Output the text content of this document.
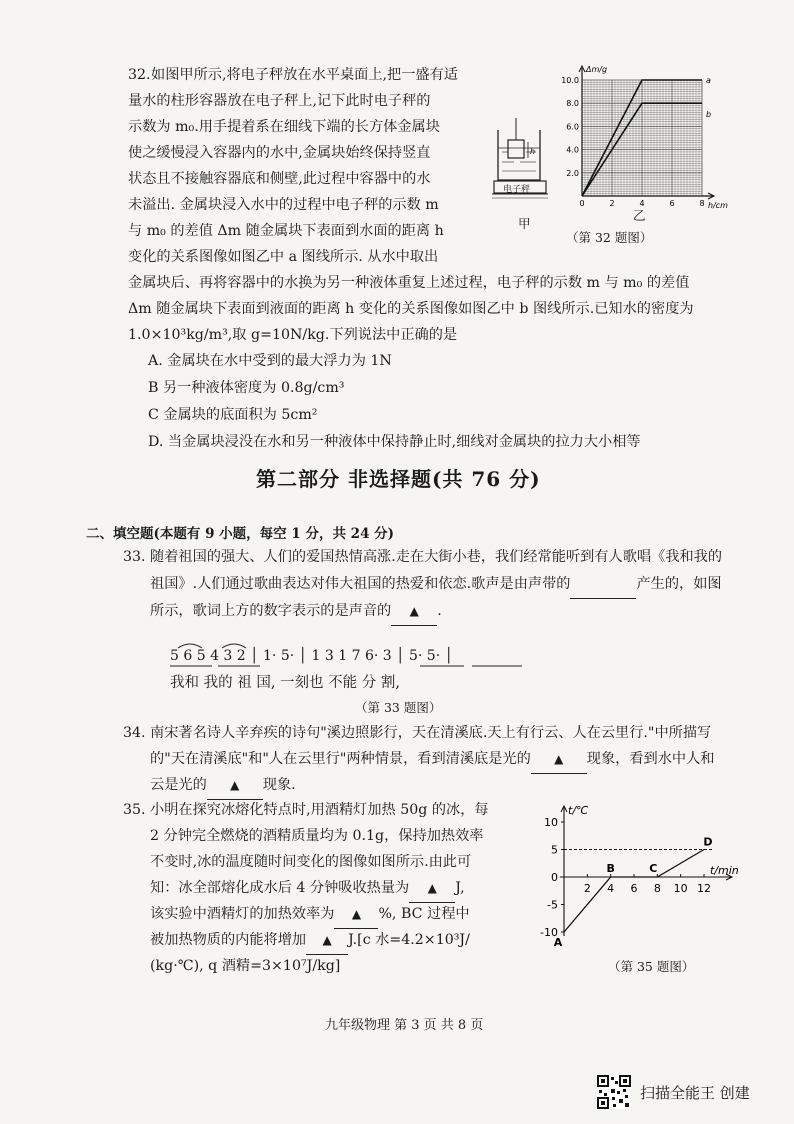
32. 如图甲所示,将电子秤放在水平桌面上,把一盛有适
量水的柱形容器放在电子秤上,记下此时电子秤的
示数为 m₀.用手提着系在细线下端的长方体金属块
使之缓慢浸入容器内的水中,金属块始终保持竖直
状态且不接触容器底和侧壁,此过程中容器中的水
未溢出. 金属块浸入水中的过程中电子秤的示数 m
与 m₀ 的差值 Δm 随金属块下表面到水面的距离 h
变化的关系图像如图乙中 a 图线所示. 从水中取出
金属块后、再将容器中的水换为另一种液体重复上述过程，电子秤的示数 m 与 m₀ 的差值
Δm 随金属块下表面到液面的距离 h 变化的关系图像如图乙中 b 图线所示.已知水的密度为
1.0×10³kg/m³,取 g=10N/kg.下列说法中正确的是
A. 金属块在水中受到的最大浮力为 1N
B 另一种液体密度为 0.8g/cm³
C 金属块的底面积为 5cm²
D. 当金属块浸没在水和另一种液体中保持静止时,细线对金属块的拉力大小相等
h
电子秤
甲
2.0
4.0
6.0
8.0
10.0
0	2	4	6	8
Δm/g
h/cm
a
b
乙
（第 32 题图）
第二部分 非选择题(共 76 分)
二、填空题(本题有 9 小题，每空 1 分，共 24 分)
33. 随着祖国的强大、人们的爱国热情高涨.走在大街小巷，我们经常能听到有人歌唱《我和我的
祖国》.人们通过歌曲表达对伟大祖国的热爱和依恋.歌声是由声带的	产生的，如图
所示，歌词上方的数字表示的是声音的 ▲ .
5 6 5 4 3 2 │ 1· 5· │ 1 3 1 7 6· 3 │ 5· 5· │
我和 我的 祖 国, 一刻也 不能 分 割,
（第 33 题图）
34. 南宋著名诗人辛弃疾的诗句"溪边照影行，天在清溪底.天上有行云、人在云里行."中所描写
的"天在清溪底"和"人在云里行"两种情景，看到清溪底是光的 ▲ 现象，看到水中人和
云是光的 ▲ 现象.
35. 小明在探究冰熔化特点时,用酒精灯加热 50g 的冰，每
2 分钟完全燃烧的酒精质量均为 0.1g，保持加热效率
不变时,冰的温度随时间变化的图像如图所示.由此可
知：冰全部熔化成水后 4 分钟吸收热量为 ▲ J,
该实验中酒精灯的加热效率为 ▲ %, BC 过程中
被加热物质的内能将增加 ▲ J.[c 水=4.2×10³J/
(kg·℃), q 酒精=3×10⁷J/kg]
-10
-5
0
5
10
2 4 6 8 10 12
t/℃
t/min
A
B	C
D
（第 35 题图）
九年级物理 第 3 页 共 8 页
扫描全能王 创建
